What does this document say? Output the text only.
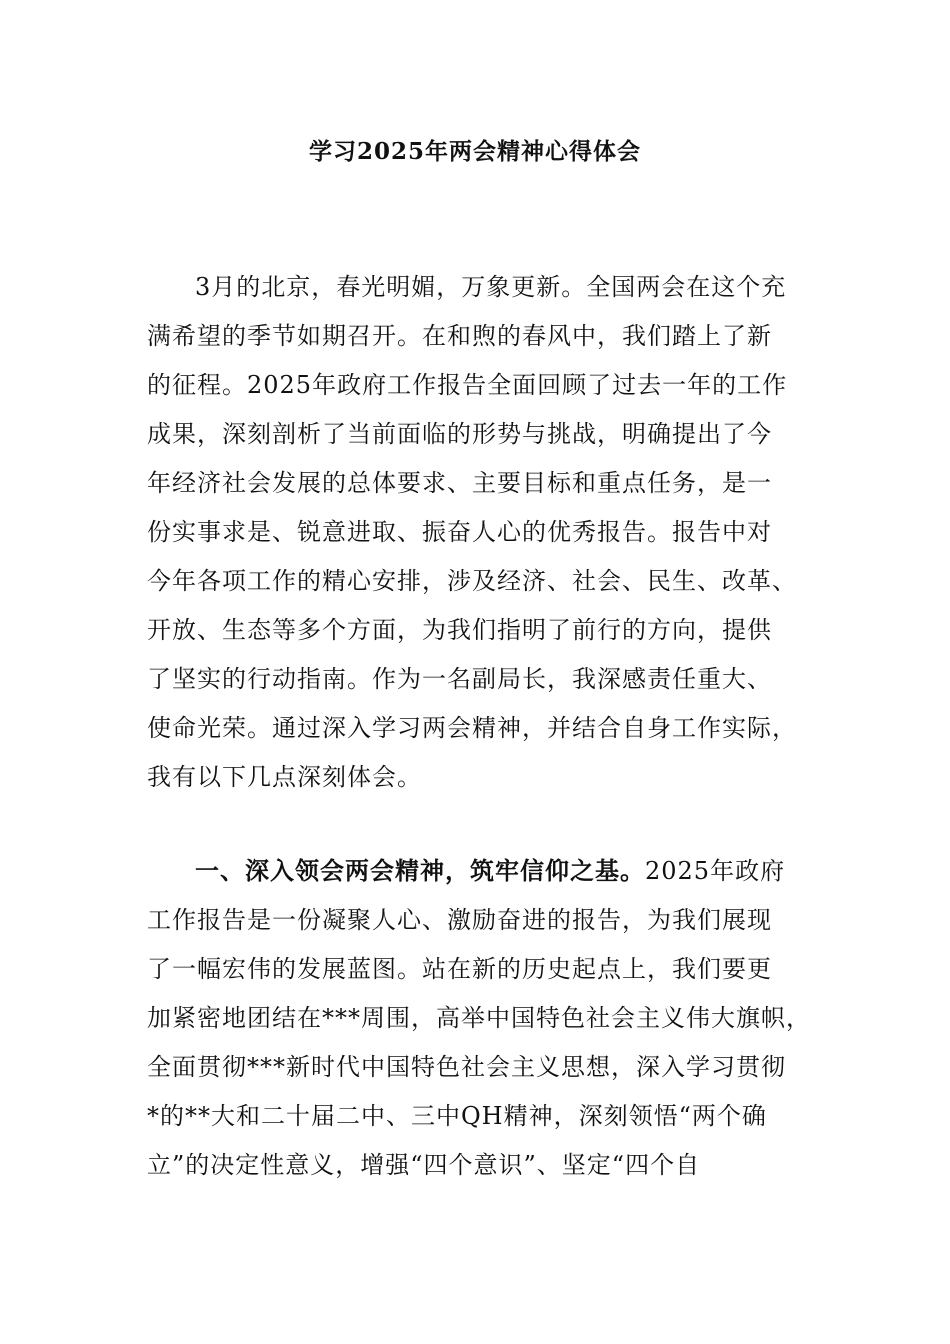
学习2025年两会精神心得体会
3月的北京，春光明媚，万象更新。全国两会在这个充
满希望的季节如期召开。在和煦的春风中，我们踏上了新
的征程。2025年政府工作报告全面回顾了过去一年的工作
成果，深刻剖析了当前面临的形势与挑战，明确提出了今
年经济社会发展的总体要求、主要目标和重点任务，是一
份实事求是、锐意进取、振奋人心的优秀报告。报告中对
今年各项工作的精心安排，涉及经济、社会、民生、改革、
开放、生态等多个方面，为我们指明了前行的方向，提供
了坚实的行动指南。作为一名副局长，我深感责任重大、
使命光荣。通过深入学习两会精神，并结合自身工作实际，
我有以下几点深刻体会。
一、深入领会两会精神，筑牢信仰之基。2025年政府
工作报告是一份凝聚人心、激励奋进的报告，为我们展现
了一幅宏伟的发展蓝图。站在新的历史起点上，我们要更
加紧密地团结在***周围，高举中国特色社会主义伟大旗帜，
全面贯彻***新时代中国特色社会主义思想，深入学习贯彻
*的**大和二十届二中、三中QH精神，深刻领悟“两个确
立”的决定性意义，增强“四个意识”、坚定“四个自
